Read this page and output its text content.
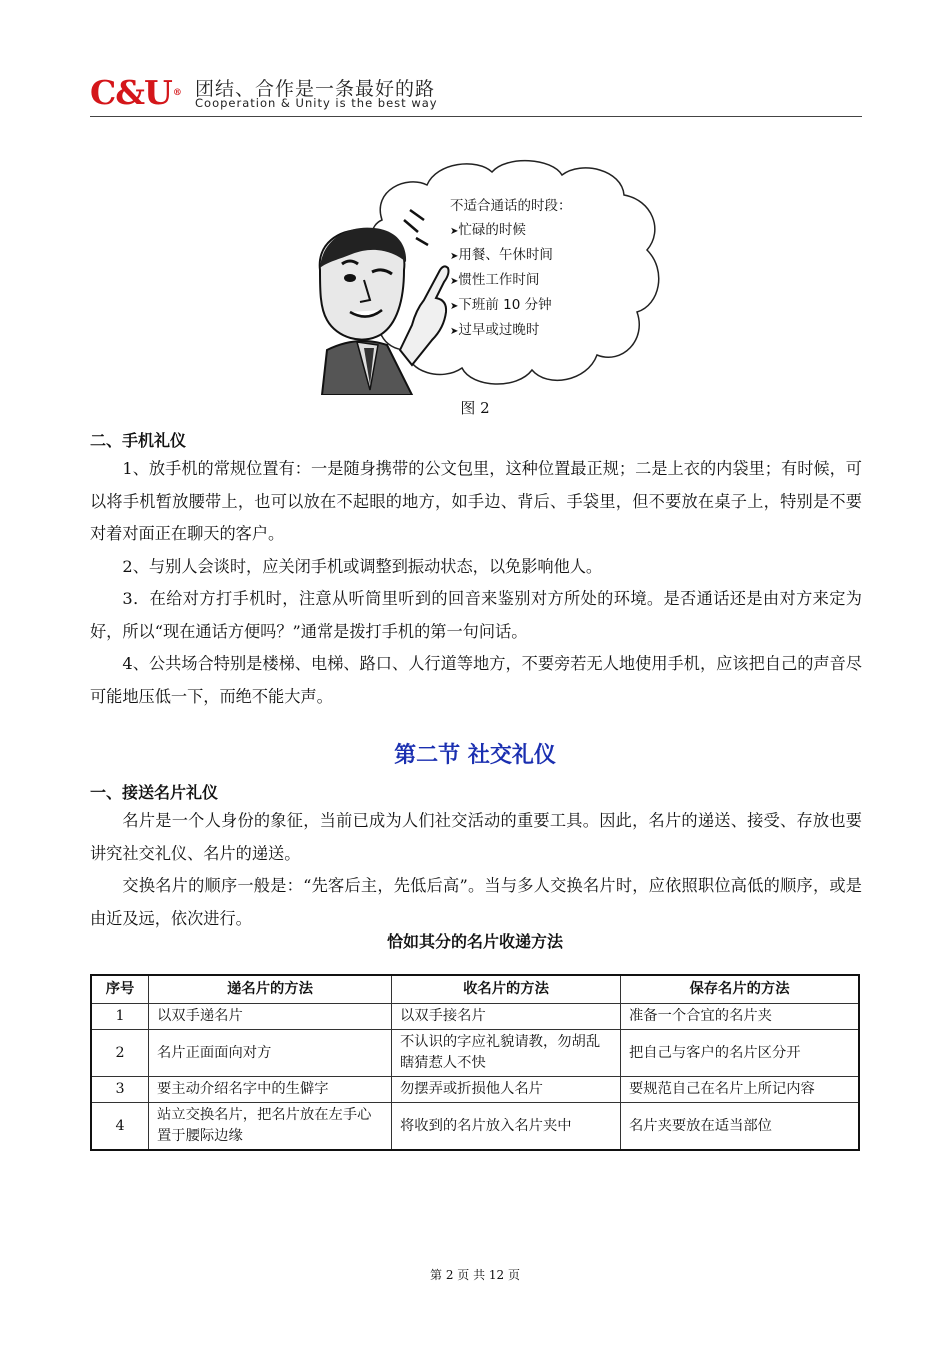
C&U® 团结、合作是一条最好的路
Cooperation & Unity is the best way
不适合通话的时段：
➤忙碌的时候
➤用餐、午休时间
➤惯性工作时间
➤下班前 10 分钟
➤过早或过晚时
图 2
二、手机礼仪

1、放手机的常规位置有：一是随身携带的公文包里，这种位置最正规；二是上衣的内袋里；有时候，可以将手机暂放腰带上，也可以放在不起眼的地方，如手边、背后、手袋里，但不要放在桌子上，特别是不要对着对面正在聊天的客户。

2、与别人会谈时，应关闭手机或调整到振动状态，以免影响他人。

3．在给对方打手机时，注意从听筒里听到的回音来鉴别对方所处的环境。是否通话还是由对方来定为好，所以“现在通话方便吗？”通常是拨打手机的第一句问话。

4、公共场合特别是楼梯、电梯、路口、人行道等地方，不要旁若无人地使用手机，应该把自己的声音尽可能地压低一下，而绝不能大声。

第二节 社交礼仪
一、接送名片礼仪

名片是一个人身份的象征，当前已成为人们社交活动的重要工具。因此，名片的递送、接受、存放也要讲究社交礼仪、名片的递送。

交换名片的顺序一般是：“先客后主，先低后高”。当与多人交换名片时，应依照职位高低的顺序，或是由近及远，依次进行。

恰如其分的名片收递方法
序号	递名片的方法	收名片的方法	保存名片的方法
1	以双手递名片	以双手接名片	准备一个合宜的名片夹
2	名片正面面向对方	不认识的字应礼貌请教，勿胡乱瞎猜惹人不快	把自己与客户的名片区分开
3	要主动介绍名字中的生僻字	勿摆弄或折损他人名片	要规范自己在名片上所记内容
4	站立交换名片，把名片放在左手心置于腰际边缘	将收到的名片放入名片夹中	名片夹要放在适当部位
第 2 页 共 12 页
